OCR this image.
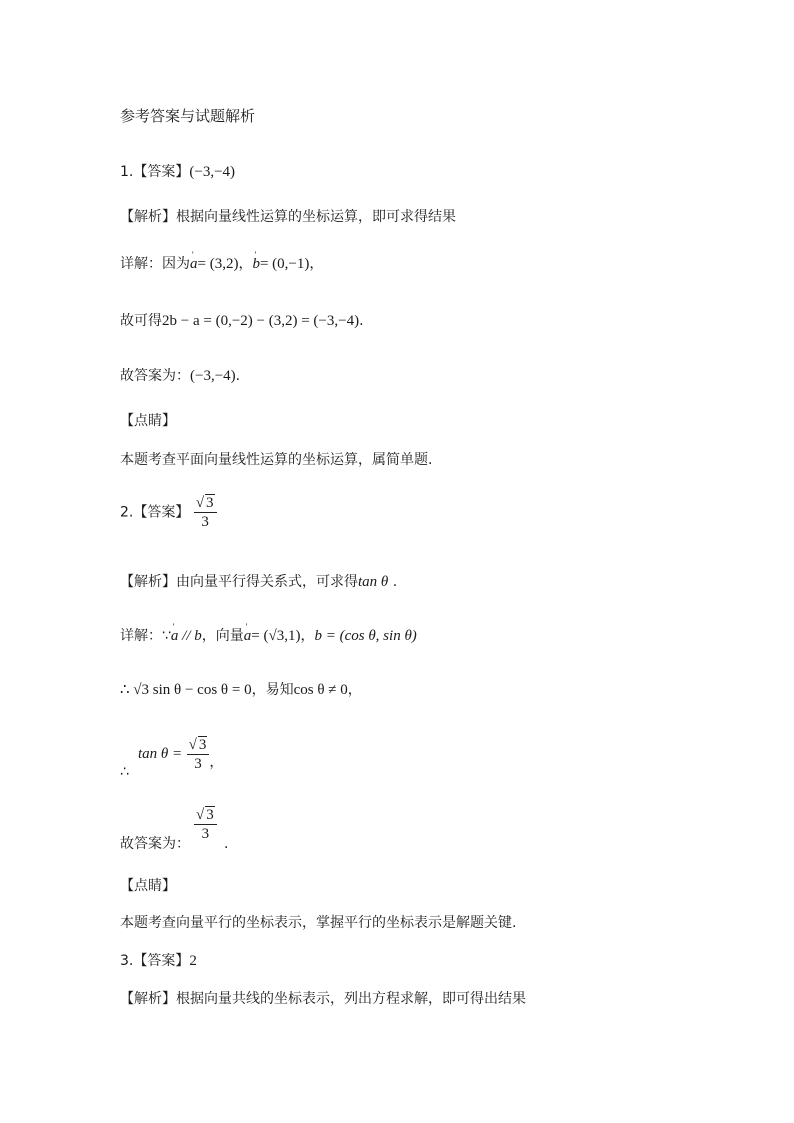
参考答案与试题解析
1.【答案】(−3,−4)
【解析】根据向量线性运算的坐标运算，即可求得结果
详解：因为' a= (3,2)，' b= (0,−1)，
故可得2b − a = (0,−2) − (3,2) = (−3,−4).
故答案为：(−3,−4).
【点睛】
本题考查平面向量线性运算的坐标运算，属简单题.
2.【答案】 $\frac{√ 3}{3}$
【解析】由向量平行得关系式，可求得tan θ .
详解：∵' a // b，向量' a= (√3,1)，b = (cos θ, sin θ)
∴ √3 sin θ − cos θ = 0，易知cos θ ≠ 0，
$\tan \theta = \frac{√ 3}{3}$ ，
∴
故答案为：
$\frac{√ 3}{3}$
.
【点睛】
本题考查向量平行的坐标表示，掌握平行的坐标表示是解题关键.
3.【答案】2
【解析】根据向量共线的坐标表示，列出方程求解，即可得出结果
